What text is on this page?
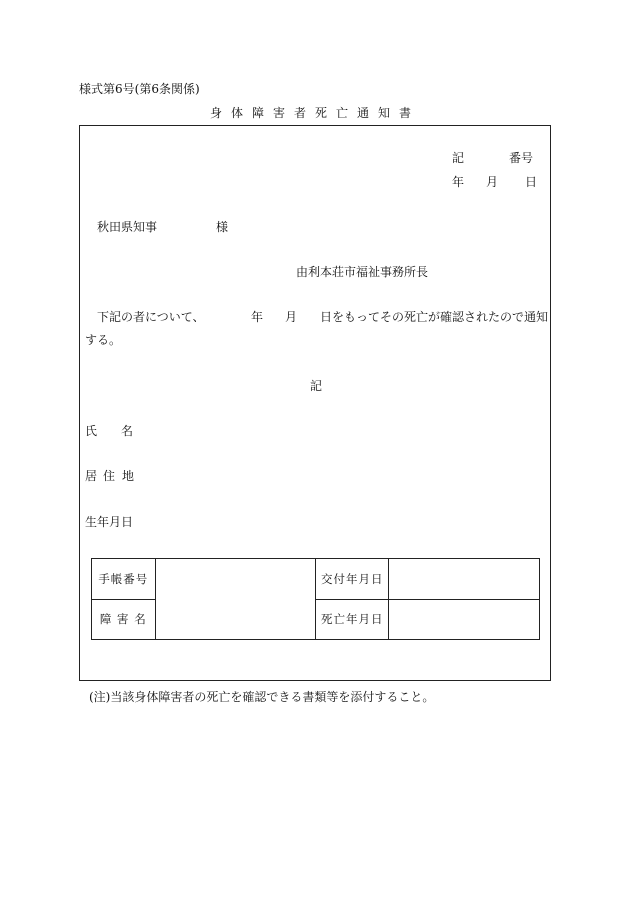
様式第6号(第6条関係)
身体障害者死亡通知書
記	番号
年 月 日
秋田県知事	様
由利本荘市福祉事務所長
下記の者について、	年 月 日をもってその死亡が確認されたので通知
する。
記
氏 名
居 住 地
生年月日
手帳番号		交付年月日	
障 害 名		死亡年月日	
(注)当該身体障害者の死亡を確認できる書類等を添付すること。
